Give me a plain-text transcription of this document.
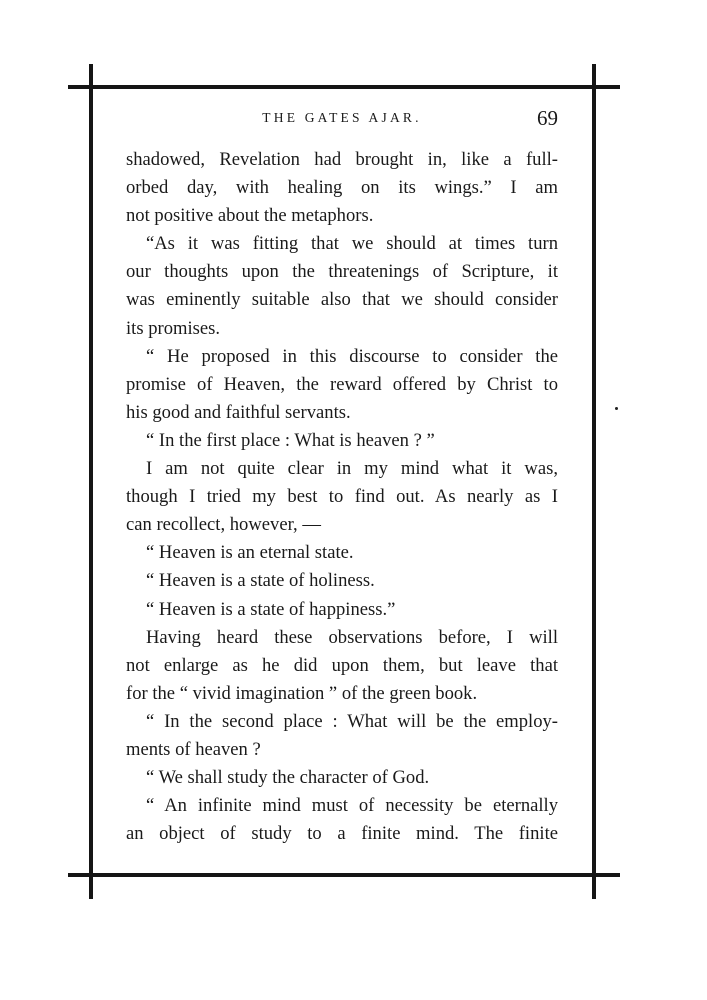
THE GATES AJAR.	69
shadowed, Revelation had brought in, like a full-
orbed day, with healing on its wings.” I am
not positive about the metaphors.
“As it was fitting that we should at times turn
our thoughts upon the threatenings of Scripture, it
was eminently suitable also that we should consider
its promises.
“ He proposed in this discourse to consider the
promise of Heaven, the reward offered by Christ to
his good and faithful servants.
“ In the first place : What is heaven ? ”
I am not quite clear in my mind what it was,
though I tried my best to find out. As nearly as I
can recollect, however, —
“ Heaven is an eternal state.
“ Heaven is a state of holiness.
“ Heaven is a state of happiness.”
Having heard these observations before, I will
not enlarge as he did upon them, but leave that
for the “ vivid imagination ” of the green book.
“ In the second place : What will be the employ-
ments of heaven ?
“ We shall study the character of God.
“ An infinite mind must of necessity be eternally
an object of study to a finite mind. The finite
